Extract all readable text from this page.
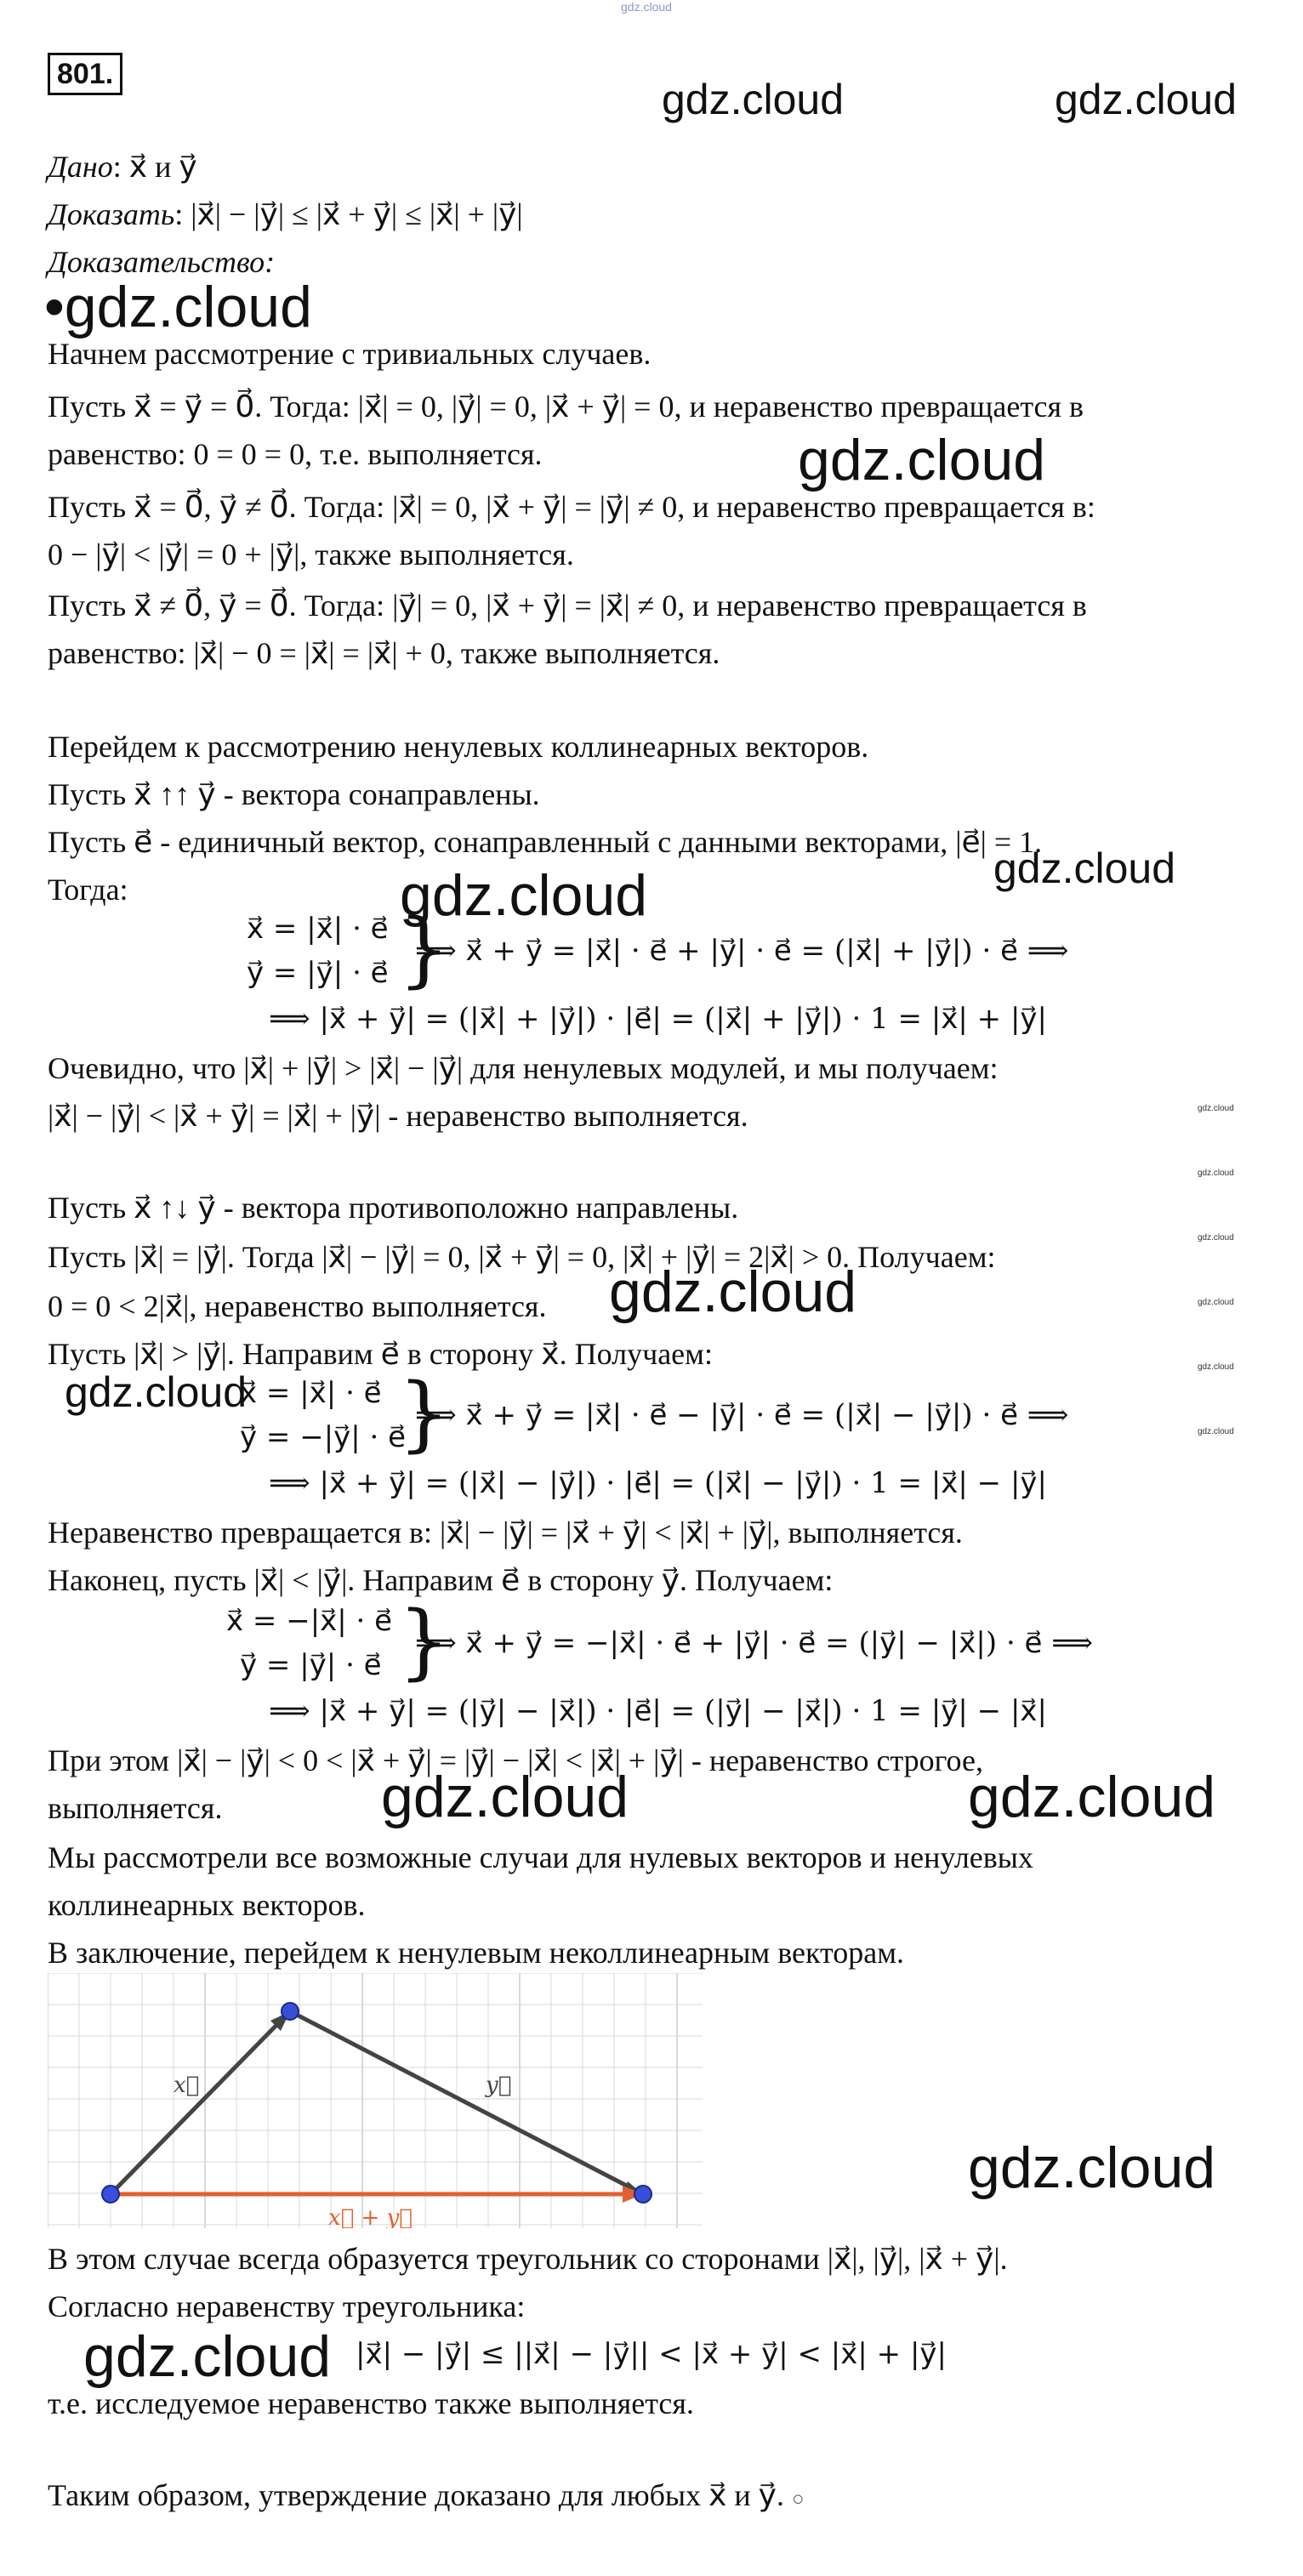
gdz.cloud
801.
gdz.cloud	gdz.cloud
•gdz.cloud
gdz.cloud
gdz.cloud
gdz.cloud
gdz.cloud
gdz.cloud
gdz.cloud
gdz.cloud
gdz.cloud
gdz.cloud
gdz.cloud
gdz.cloud
gdz.cloud	gdz.cloud
gdz.cloud
gdz.cloud
Дано: x⃗ и y⃗
Доказать: |x⃗| − |y⃗| ≤ |x⃗ + y⃗| ≤ |x⃗| + |y⃗|
Доказательство:
Начнем рассмотрение с тривиальных случаев.
Пусть x⃗ = y⃗ = 0⃗. Тогда: |x⃗| = 0, |y⃗| = 0, |x⃗ + y⃗| = 0, и неравенство превращается в
равенство: 0 = 0 = 0, т.е. выполняется.
Пусть x⃗ = 0⃗, y⃗ ≠ 0⃗. Тогда: |x⃗| = 0, |x⃗ + y⃗| = |y⃗| ≠ 0, и неравенство превращается в:
0 − |y⃗| < |y⃗| = 0 + |y⃗|, также выполняется.
Пусть x⃗ ≠ 0⃗, y⃗ = 0⃗. Тогда: |y⃗| = 0, |x⃗ + y⃗| = |x⃗| ≠ 0, и неравенство превращается в
равенство: |x⃗| − 0 = |x⃗| = |x⃗| + 0, также выполняется.
Перейдем к рассмотрению ненулевых коллинеарных векторов.
Пусть x⃗ ↑↑ y⃗ - вектора сонаправлены.
Пусть e⃗ - единичный вектор, сонаправленный с данными векторами, |e⃗| = 1.
Тогда:
x⃗ = |x⃗| · e⃗
y⃗ = |y⃗| · e⃗ }
⟹ x⃗ + y⃗ = |x⃗| · e⃗ + |y⃗| · e⃗ = (|x⃗| + |y⃗|) · e⃗ ⟹
⟹ |x⃗ + y⃗| = (|x⃗| + |y⃗|) · |e⃗| = (|x⃗| + |y⃗|) · 1 = |x⃗| + |y⃗|
Очевидно, что |x⃗| + |y⃗| > |x⃗| − |y⃗| для ненулевых модулей, и мы получаем:
|x⃗| − |y⃗| < |x⃗ + y⃗| = |x⃗| + |y⃗| - неравенство выполняется.
Пусть x⃗ ↑↓ y⃗ - вектора противоположно направлены.
Пусть |x⃗| = |y⃗|. Тогда |x⃗| − |y⃗| = 0, |x⃗ + y⃗| = 0, |x⃗| + |y⃗| = 2|x⃗| > 0. Получаем:
0 = 0 < 2|x⃗|, неравенство выполняется.
Пусть |x⃗| > |y⃗|. Направим e⃗ в сторону x⃗. Получаем:
x⃗ = |x⃗| · e⃗
y⃗ = −|y⃗| · e⃗
}
⟹ x⃗ + y⃗ = |x⃗| · e⃗ − |y⃗| · e⃗ = (|x⃗| − |y⃗|) · e⃗ ⟹
⟹ |x⃗ + y⃗| = (|x⃗| − |y⃗|) · |e⃗| = (|x⃗| − |y⃗|) · 1 = |x⃗| − |y⃗|
Неравенство превращается в: |x⃗| − |y⃗| = |x⃗ + y⃗| < |x⃗| + |y⃗|, выполняется.
Наконец, пусть |x⃗| < |y⃗|. Направим e⃗ в сторону y⃗. Получаем:
x⃗ = −|x⃗| · e⃗
y⃗ = |y⃗| · e⃗ }
⟹ x⃗ + y⃗ = −|x⃗| · e⃗ + |y⃗| · e⃗ = (|y⃗| − |x⃗|) · e⃗ ⟹
⟹ |x⃗ + y⃗| = (|y⃗| − |x⃗|) · |e⃗| = (|y⃗| − |x⃗|) · 1 = |y⃗| − |x⃗|
При этом |x⃗| − |y⃗| < 0 < |x⃗ + y⃗| = |y⃗| − |x⃗| < |x⃗| + |y⃗| - неравенство строгое,
выполняется.
Мы рассмотрели все возможные случаи для нулевых векторов и ненулевых
коллинеарных векторов.
В заключение, перейдем к ненулевым неколлинеарным векторам.
x⃗	y⃗
x⃗ + y⃗
В этом случае всегда образуется треугольник со сторонами |x⃗|, |y⃗|, |x⃗ + y⃗|.
Согласно неравенству треугольника:
|x⃗| − |y⃗| ≤ ||x⃗| − |y⃗|| < |x⃗ + y⃗| < |x⃗| + |y⃗|
т.е. исследуемое неравенство также выполняется.
Таким образом, утверждение доказано для любых x⃗ и y⃗. ○
